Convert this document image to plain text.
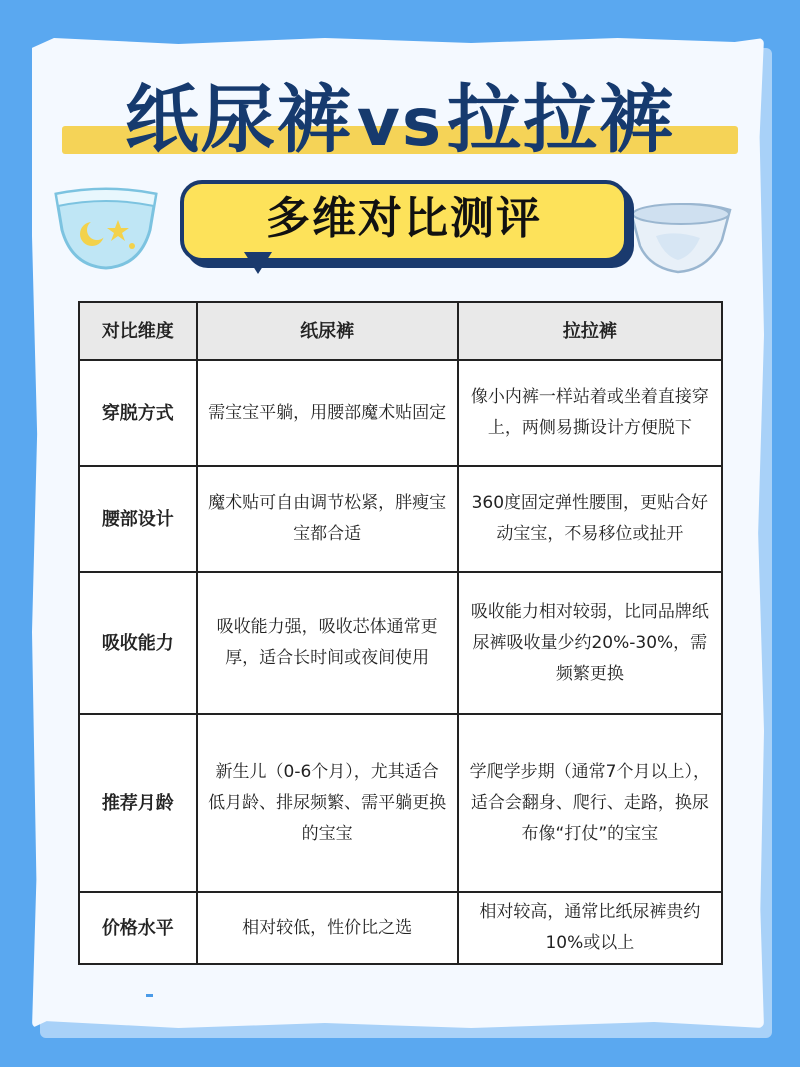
纸尿裤vs拉拉裤
多维对比测评
对比维度	纸尿裤	拉拉裤
穿脱方式	需宝宝平躺，用腰部魔术贴固定	像小内裤一样站着或坐着直接穿上，两侧易撕设计方便脱下
腰部设计	魔术贴可自由调节松紧，胖瘦宝宝都合适	360度固定弹性腰围，更贴合好动宝宝，不易移位或扯开
吸收能力	吸收能力强，吸收芯体通常更厚，适合长时间或夜间使用	吸收能力相对较弱，比同品牌纸尿裤吸收量少约20%-30%，需频繁更换
推荐月龄	新生儿（0-6个月），尤其适合低月龄、排尿频繁、需平躺更换的宝宝	学爬学步期（通常7个月以上），适合会翻身、爬行、走路，换尿布像“打仗”的宝宝
价格水平	相对较低，性价比之选	相对较高，通常比纸尿裤贵约10%或以上
